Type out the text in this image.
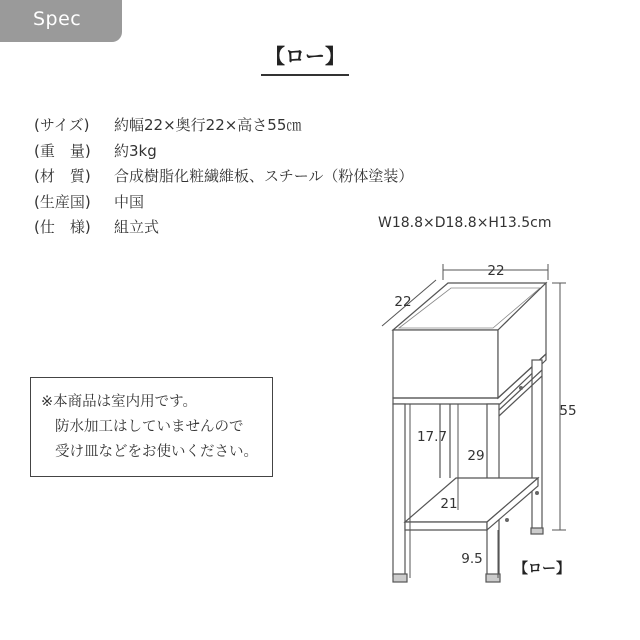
Spec
【ロー】
(サイズ) 約幅22×奥行22×高さ55㎝
(重　量) 約3kg
(材　質) 合成樹脂化粧繊維板、スチール（粉体塗装）
(生産国) 中国
(仕　様) 組立式	W18.8×D18.8×H13.5cm
※本商品は室内用です。
防水加工はしていませんので
受け皿などをお使いください。
22
22
55
17.7
29
21
9.5
【ロー】
